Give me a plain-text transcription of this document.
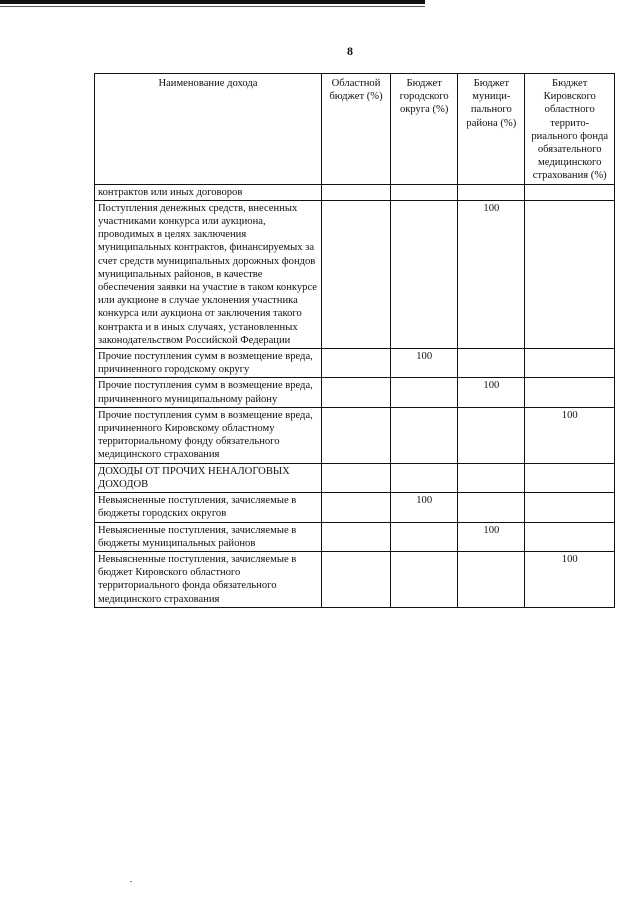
8
Наименование дохода	Областной бюджет (%)	Бюджет городского округа (%)	Бюджет муници-пального района (%)	Бюджет Кировского областного террито-риального фонда обязательного медицинского страхования (%)
контрактов или иных договоров				
Поступления денежных средств, внесенных участниками конкурса или аукциона, проводимых в целях заключения муниципальных контрактов, финансируемых за счет средств муниципальных дорожных фондов муниципальных районов, в качестве обеспечения заявки на участие в таком конкурсе или аукционе в случае уклонения участника конкурса или аукциона от заключения такого контракта и в иных случаях, установленных законодательством Российской Федерации			100	
Прочие поступления сумм в возмещение вреда, причиненного городскому округу		100		
Прочие поступления сумм в возмещение вреда, причиненного муниципальному району			100	
Прочие поступления сумм в возмещение вреда, причиненного Кировскому областному территориальному фонду обязательного медицинского страхования				100
ДОХОДЫ ОТ ПРОЧИХ НЕНАЛОГОВЫХ ДОХОДОВ				
Невыясненные поступления, зачисляемые в бюджеты городских округов		100		
Невыясненные поступления, зачисляемые в бюджеты муниципальных районов			100	
Невыясненные поступления, зачисляемые в бюджет Кировского областного территориального фонда обязательного медицинского страхования				100
